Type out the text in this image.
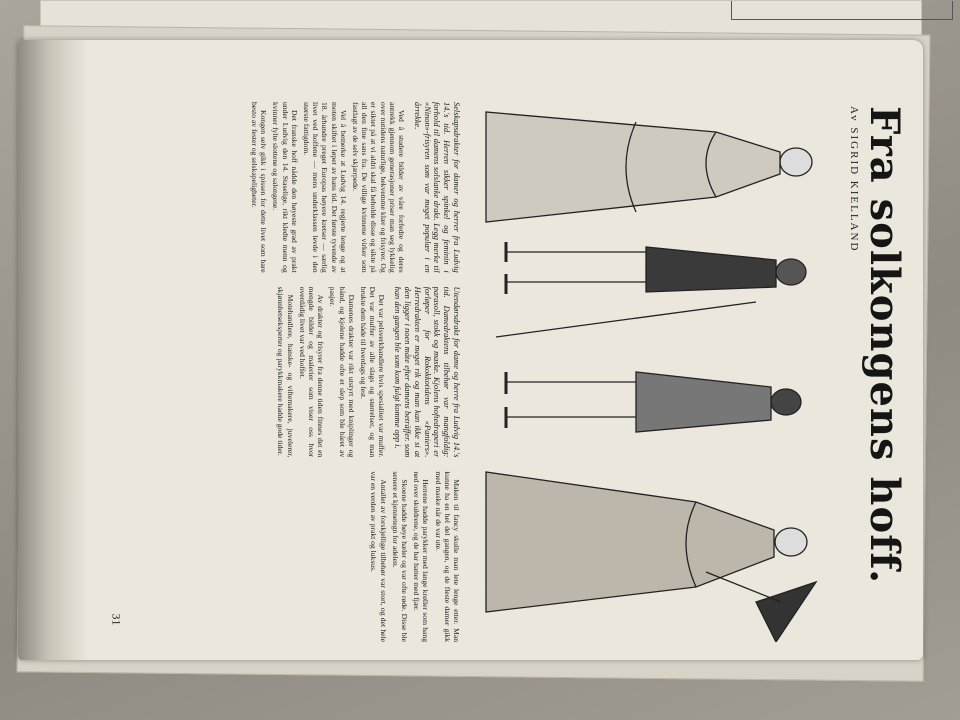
Fra solkongens hoff.
Av SIGRID KIELLAND
Selskapsdrakter for damer og herrer fra Ludvig 14.'s tid. Herren sikker spinkel og feminin i forhold til damens solslanke drakt. Legg merke til «Ninon»-frisyren som var meget populær i en årrekke.

Ved å studere bilder av våre forfedre og deres antrekk gjennom generasjoner priser man seg lykkelig over nutidens naturlige, bekvemme klær og frisyrer. Og er siktet på at vi aldri skal få beholde disse og sikte på all den fine sans fra. De villige kvinnene virker som fastlagt av de selv skjærpede.

Vel å bemerke at Ludvig 14. regjerte lenge og at moten skiftet i løpet av hans tid. Det første tyvende av 18. århundre preget Europas høyere kretser — særlig livet ved hoffene — mens underklassen levde i den største fattigdom.

Det franske hoff nådde den høyeste grad av prakt under Ludvig den 14. Staselige, rikt kledte menn og kvinner fylte slottene og salongene.

Kongen selv gikk i spissen for dette livet som bare besto av fester og selskapeligheter.

Utendørsdrakt for dame og herre fra Ludvig 14.'s tid. Damedraktens tilbehør var mangfoldig: parasoll, stokk og maske. Kjolens hoftedraperi er forløper for Rokokkotidens «Paniers». Herredrakten er meget rik og man kan ikke si at den ligger i noen måte efter damens beträffer. som han den gangen ble som kom fulgt komme opp i.

Det var pelsverkhandlere hvis spesialitet var muffer. Det var muffer av alle slags og størrelser, og man brukte dem både til hverdags og fest.

Damenes drakter var rikt utstyrt med kniplinger og bånd, og kjolene hadde ofte et slep som ble båret av pasjer.

Av drakter og frisyrer fra denne tiden finnes det en mengde bilder og malerier som viser oss hvor overdådig livet var ved hoffet.

Motehandlere, hanske- og viftemakere, juvelerer, skjønnhetseksperter og parykkmakere hadde gode tider.

Maken til fancy skulle man lete lenge etter. Man kunne ha en hel del gangen, og de fleste damer gikk med maske når de var ute.

Herrene hadde parykker med lange krøller som hang ned over skuldrene, og de bar hatter med fjær.

Skoene hadde høye hæler og var ofte røde. Disse ble senere et kjennetegn for adelen.

Antallet av forskjellige tilbehør var stort, og det hele var en verden av prakt og luksus.

31
